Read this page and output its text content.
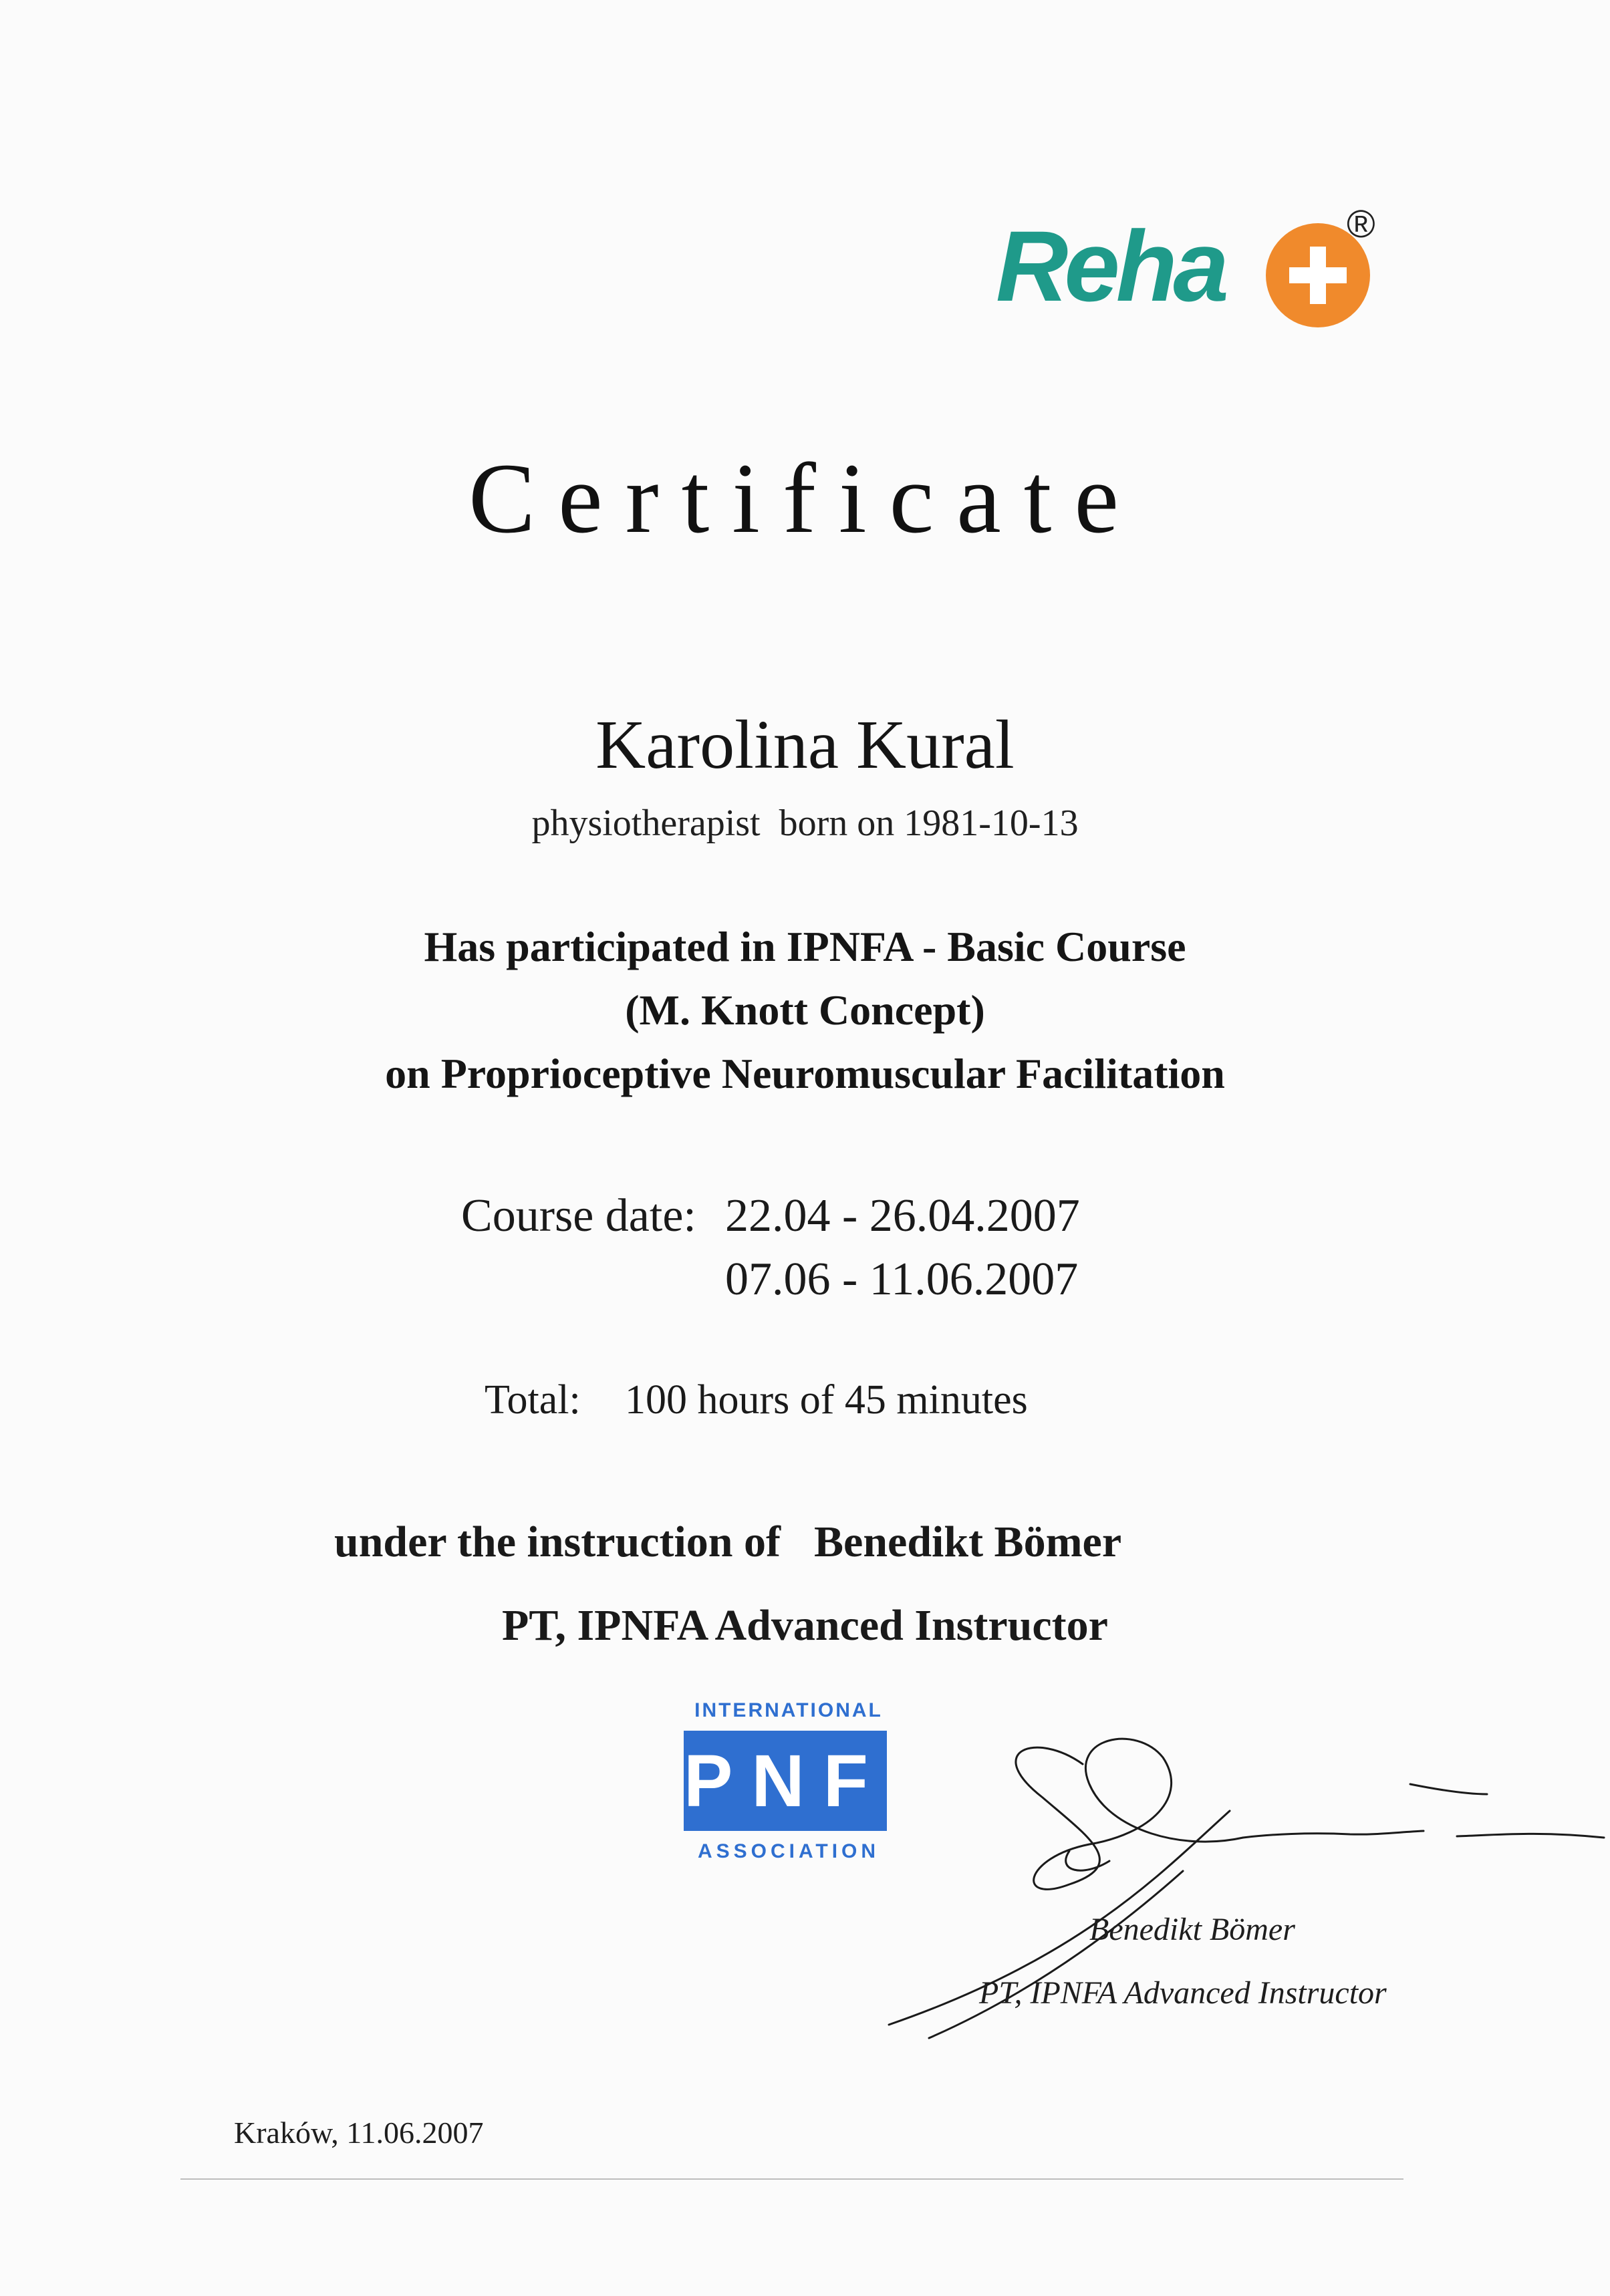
Reha	®
Certificate
Karolina Kural
physiotherapist  born on 1981-10-13
Has participated in IPNFA - Basic Course
(M. Knott Concept)
on Proprioceptive Neuromuscular Facilitation
Course date: 22.04 - 26.04.2007
07.06 - 11.06.2007
Total: 100 hours of 45 minutes
under the instruction of Benedikt Bömer
PT, IPNFA Advanced Instructor
INTERNATIONAL
PNF
ASSOCIATION
Benedikt Bömer
PT, IPNFA Advanced Instructor
Kraków, 11.06.2007
